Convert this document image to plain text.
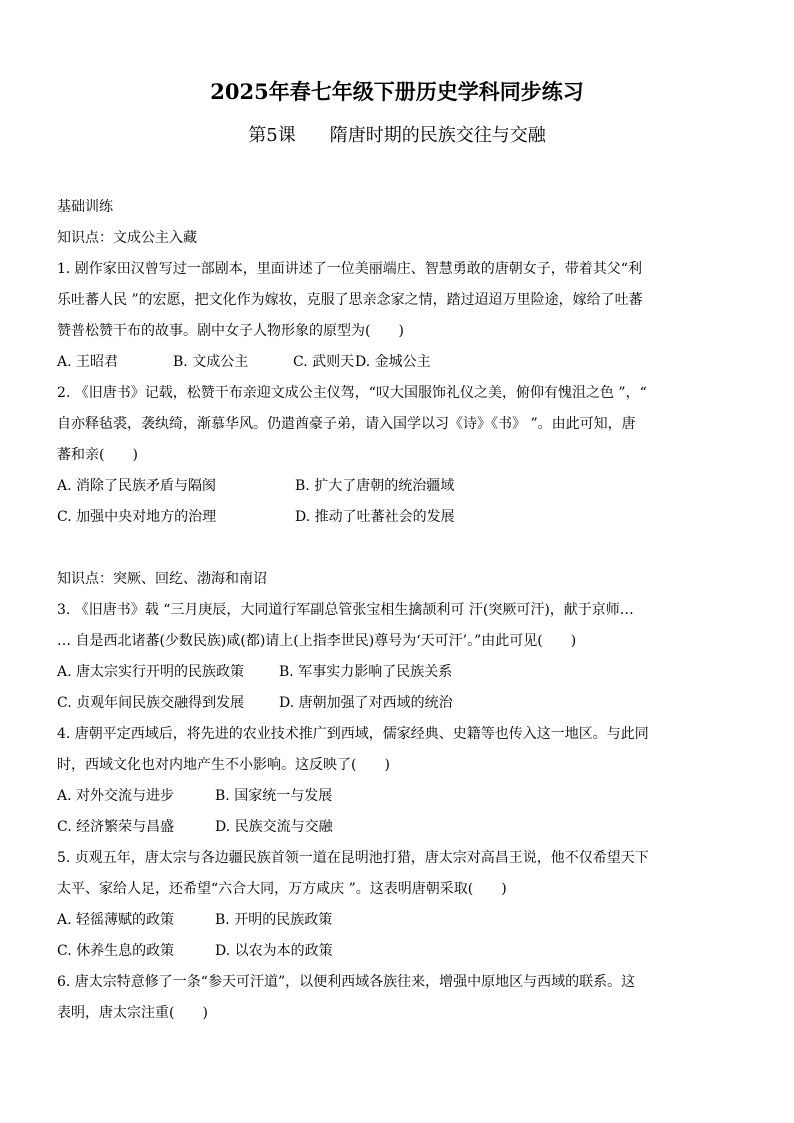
2025年春七年级下册历史学科同步练习
第5课 隋唐时期的民族交往与交融
基础训练
知识点：文成公主入藏
1. 剧作家田汉曾写过一部剧本，里面讲述了一位美丽端庄、智慧勇敢的唐朝女子，带着其父“利
乐吐蕃人民 ”的宏愿，把文化作为嫁妆，克服了思亲念家之情，踏过迢迢万里险途，嫁给了吐蕃
赞普松赞干布的故事。剧中女子人物形象的原型为(　　)
A. 王昭君	B. 文成公主	C. 武则天D. 金城公主
2. 《旧唐书》记载，松赞干布亲迎文成公主仪驾，“叹大国服饰礼仪之美，俯仰有愧沮之色 ”，“
自亦释毡裘，袭纨绮，渐慕华风。仍遣酋豪子弟，请入国学以习《诗》《书》 ”。由此可知，唐
蕃和亲(　　)
A. 消除了民族矛盾与隔阂	B. 扩大了唐朝的统治疆域
C. 加强中央对地方的治理	D. 推动了吐蕃社会的发展
知识点：突厥、回纥、渤海和南诏
3. 《旧唐书》载 “三月庚辰，大同道行军副总管张宝相生擒颉利可 汗(突厥可汗)，献于京师…
… 自是西北诸蕃(少数民族)咸(都)请上(上指李世民)尊号为‘天可汗’。”由此可见(　　)
A. 唐太宗实行开明的民族政策 B. 军事实力影响了民族关系
C. 贞观年间民族交融得到发展 D. 唐朝加强了对西域的统治
4. 唐朝平定西域后，将先进的农业技术推广到西域，儒家经典、史籍等也传入这一地区。与此同
时，西域文化也对内地产生不小影响。这反映了(　　)
A. 对外交流与进步	B. 国家统一与发展
C. 经济繁荣与昌盛	D. 民族交流与交融
5. 贞观五年，唐太宗与各边疆民族首领一道在昆明池打猎，唐太宗对高昌王说，他不仅希望天下
太平、家给人足，还希望“六合大同，万方咸庆 ”。这表明唐朝采取(　　)
A. 轻徭薄赋的政策	B. 开明的民族政策
C. 休养生息的政策	D. 以农为本的政策
6. 唐太宗特意修了一条“参天可汗道”，以便利西域各族往来，增强中原地区与西域的联系。这
表明，唐太宗注重(　　)
